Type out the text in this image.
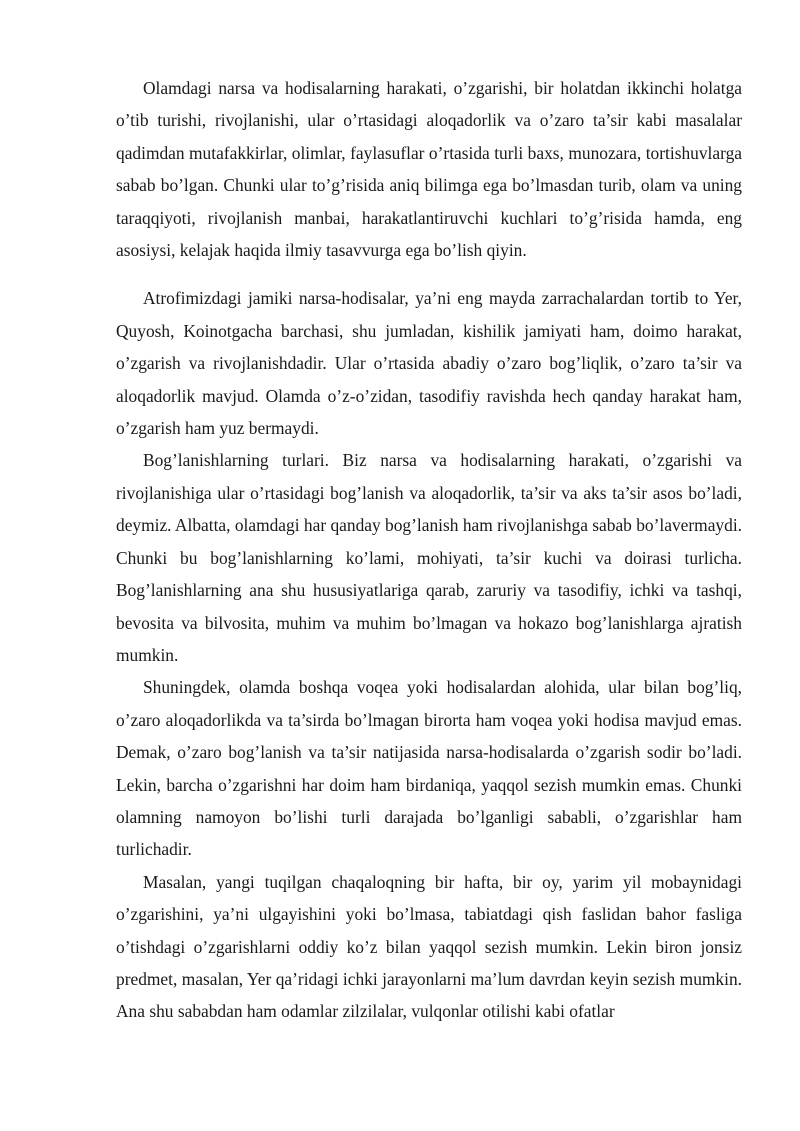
Olamdagi narsa va hodisalarning harakati, o’zgarishi, bir holatdan ikkinchi holatga o’tib turishi, rivojlanishi, ular o’rtasidagi aloqadorlik va o’zaro ta’sir kabi masalalar qadimdan mutafakkirlar, olimlar, faylasuflar o’rtasida turli baxs, munozara, tortishuvlarga sabab bo’lgan. Chunki ular to’g’risida aniq bilimga ega bo’lmasdan turib, olam va uning taraqqiyoti, rivojlanish manbai, harakatlantiruvchi kuchlari to’g’risida hamda, eng asosiysi, kelajak haqida ilmiy tasavvurga ega bo’lish qiyin.

Atrofimizdagi jamiki narsa-hodisalar, ya’ni eng mayda zarrachalardan tortib to Yer, Quyosh, Koinotgacha barchasi, shu jumladan, kishilik jamiyati ham, doimo harakat, o’zgarish va rivojlanishdadir. Ular o’rtasida abadiy o’zaro bog’liqlik, o’zaro ta’sir va aloqadorlik mavjud. Olamda o’z-o’zidan, tasodifiy ravishda hech qanday harakat ham, o’zgarish ham yuz bermaydi.

Bog’lanishlarning turlari. Biz narsa va hodisalarning harakati, o’zgarishi va rivojlanishiga ular o’rtasidagi bog’lanish va aloqadorlik, ta’sir va aks ta’sir asos bo’ladi, deymiz. Albatta, olamdagi har qanday bog’lanish ham rivojlanishga sabab bo’lavermaydi. Chunki bu bog’lanishlarning ko’lami, mohiyati, ta’sir kuchi va doirasi turlicha. Bog’lanishlarning ana shu hususiyatlariga qarab, zaruriy va tasodifiy, ichki va tashqi, bevosita va bilvosita, muhim va muhim bo’lmagan va hokazo bog’lanishlarga ajratish mumkin.

Shuningdek, olamda boshqa voqea yoki hodisalardan alohida, ular bilan bog’liq, o’zaro aloqadorlikda va ta’sirda bo’lmagan birorta ham voqea yoki hodisa mavjud emas. Demak, o’zaro bog’lanish va ta’sir natijasida narsa-hodisalarda o’zgarish sodir bo’ladi. Lekin, barcha o’zgarishni har doim ham birdaniqa, yaqqol sezish mumkin emas. Chunki olamning namoyon bo’lishi turli darajada bo’lganligi sababli, o’zgarishlar ham turlichadir.

Masalan, yangi tuqilgan chaqaloqning bir hafta, bir oy, yarim yil mobaynidagi o’zgarishini, ya’ni ulgayishini yoki bo’lmasa, tabiatdagi qish faslidan bahor fasliga o’tishdagi o’zgarishlarni oddiy ko’z bilan yaqqol sezish mumkin. Lekin biron jonsiz predmet, masalan, Yer qa’ridagi ichki jarayonlarni ma’lum davrdan keyin sezish mumkin. Ana shu sababdan ham odamlar zilzilalar, vulqonlar otilishi kabi ofatlar
